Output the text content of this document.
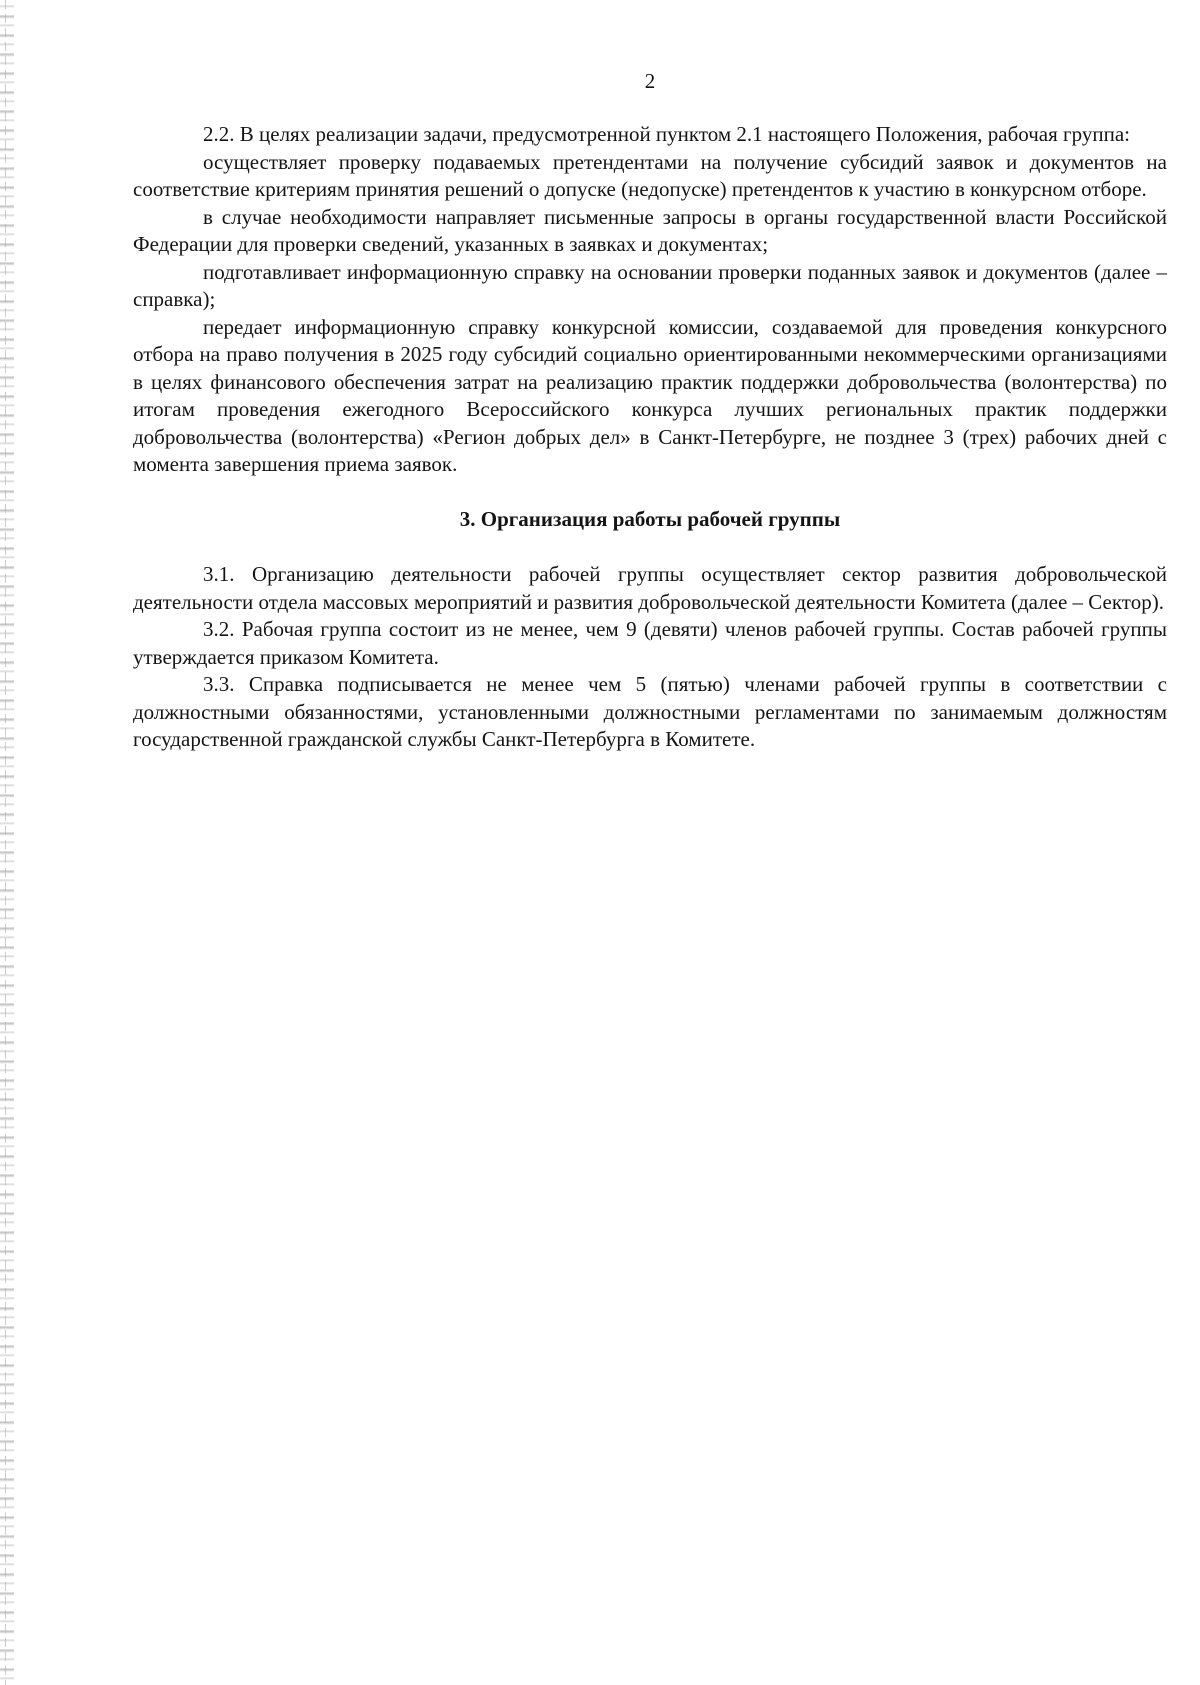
2

2.2. В целях реализации задачи, предусмотренной пунктом 2.1 настоящего Положения, рабочая группа:

осуществляет проверку подаваемых претендентами на получение субсидий заявок и документов на соответствие критериям принятия решений о допуске (недопуске) претендентов к участию в конкурсном отборе.

в случае необходимости направляет письменные запросы в органы государственной власти Российской Федерации для проверки сведений, указанных в заявках и документах;

подготавливает информационную справку на основании проверки поданных заявок и документов (далее – справка);

передает информационную справку конкурсной комиссии, создаваемой для проведения конкурсного отбора на право получения в 2025 году субсидий социально ориентированными некоммерческими организациями в целях финансового обеспечения затрат на реализацию практик поддержки добровольчества (волонтерства) по итогам проведения ежегодного Всероссийского конкурса лучших региональных практик поддержки добровольчества (волонтерства) «Регион добрых дел» в Санкт-Петербурге, не позднее 3 (трех) рабочих дней с момента завершения приема заявок.

3. Организация работы рабочей группы

3.1. Организацию деятельности рабочей группы осуществляет сектор развития добровольческой деятельности отдела массовых мероприятий и развития добровольческой деятельности Комитета (далее – Сектор).

3.2. Рабочая группа состоит из не менее, чем 9 (девяти) членов рабочей группы. Состав рабочей группы утверждается приказом Комитета.

3.3. Справка подписывается не менее чем 5 (пятью) членами рабочей группы в соответствии с должностными обязанностями, установленными должностными регламентами по занимаемым должностям государственной гражданской службы Санкт-Петербурга в Комитете.
